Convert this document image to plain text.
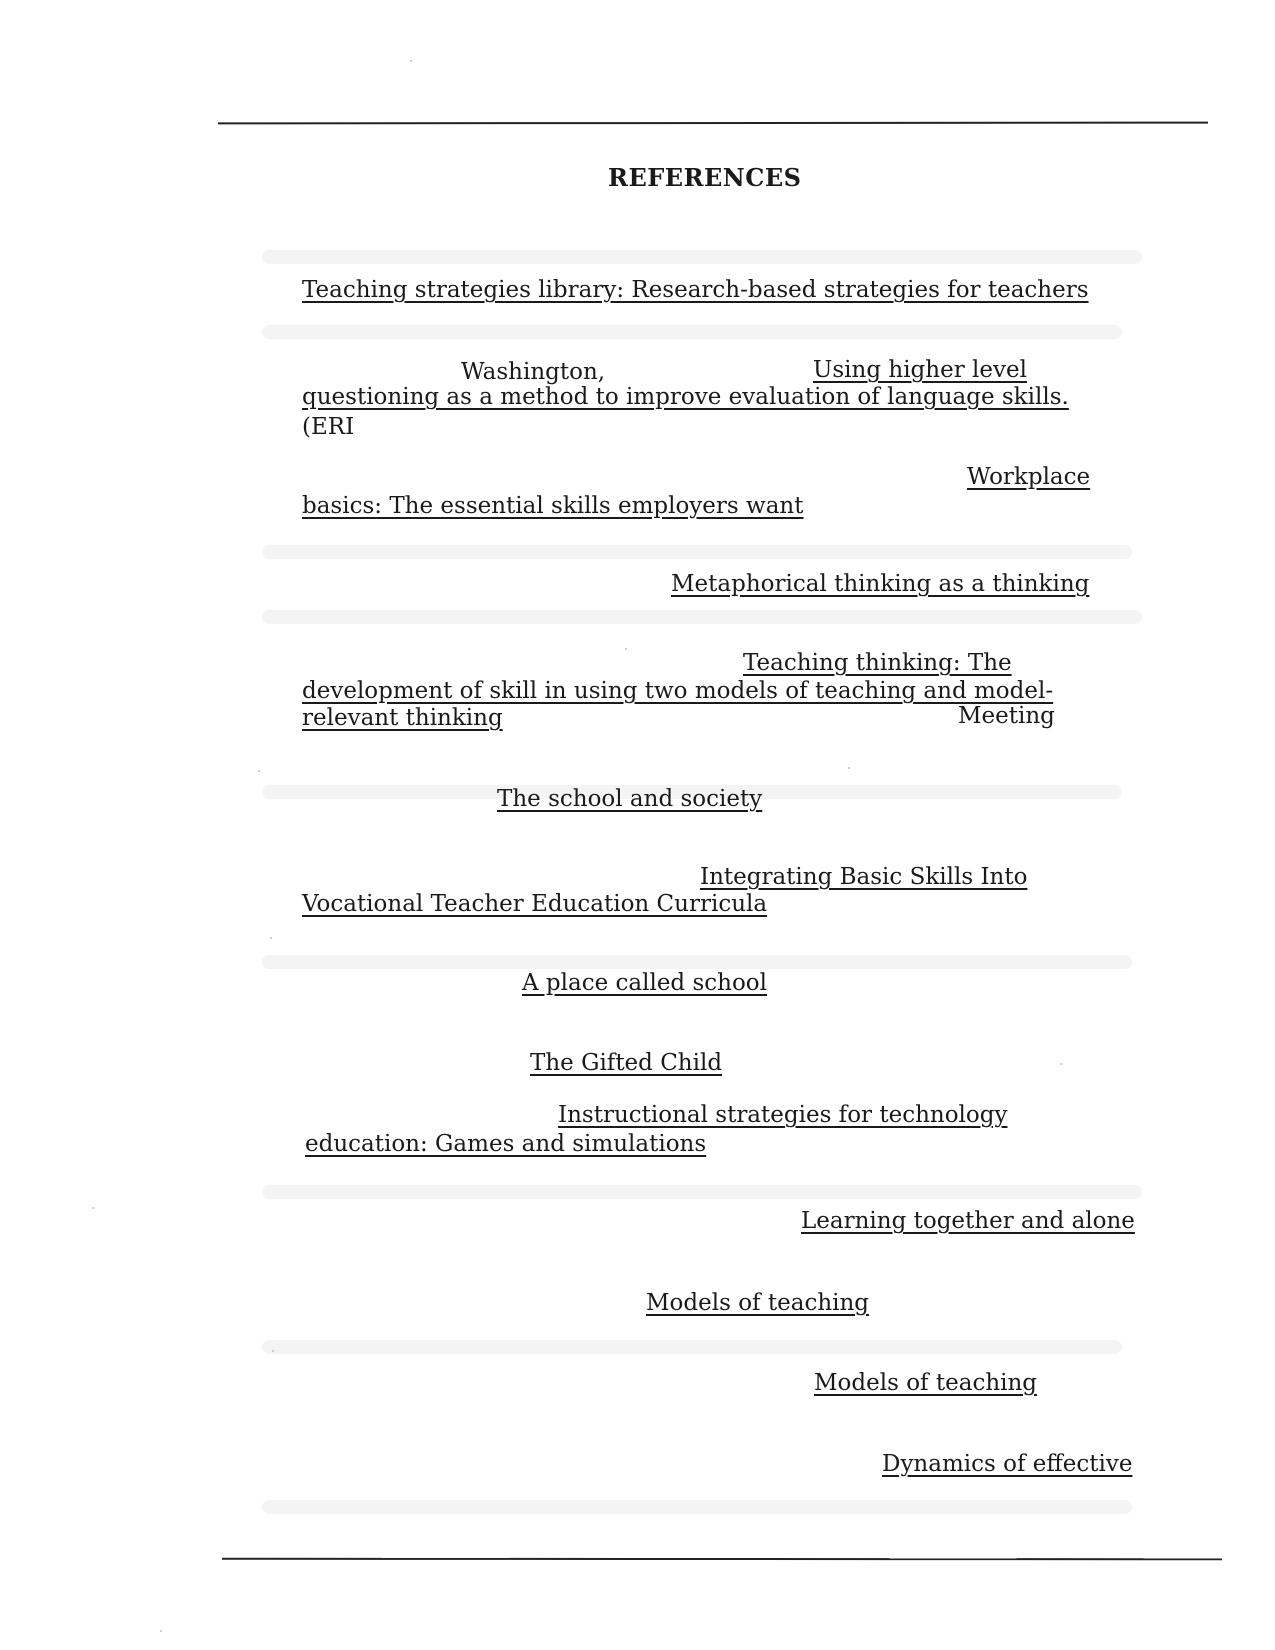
REFERENCES
Teaching strategies library: Research-based strategies for teachers
Washington,	Using higher level
questioning as a method to improve evaluation of language skills.
(ERI
Workplace
basics: The essential skills employers want
Metaphorical thinking as a thinking
Teaching thinking: The
development of skill in using two models of teaching and model-
relevant thinking	Meeting
The school and society
Integrating Basic Skills Into
Vocational Teacher Education Curricula
A place called school
The Gifted Child
Instructional strategies for technology
education: Games and simulations
Learning together and alone
Models of teaching
Models of teaching
Dynamics of effective
